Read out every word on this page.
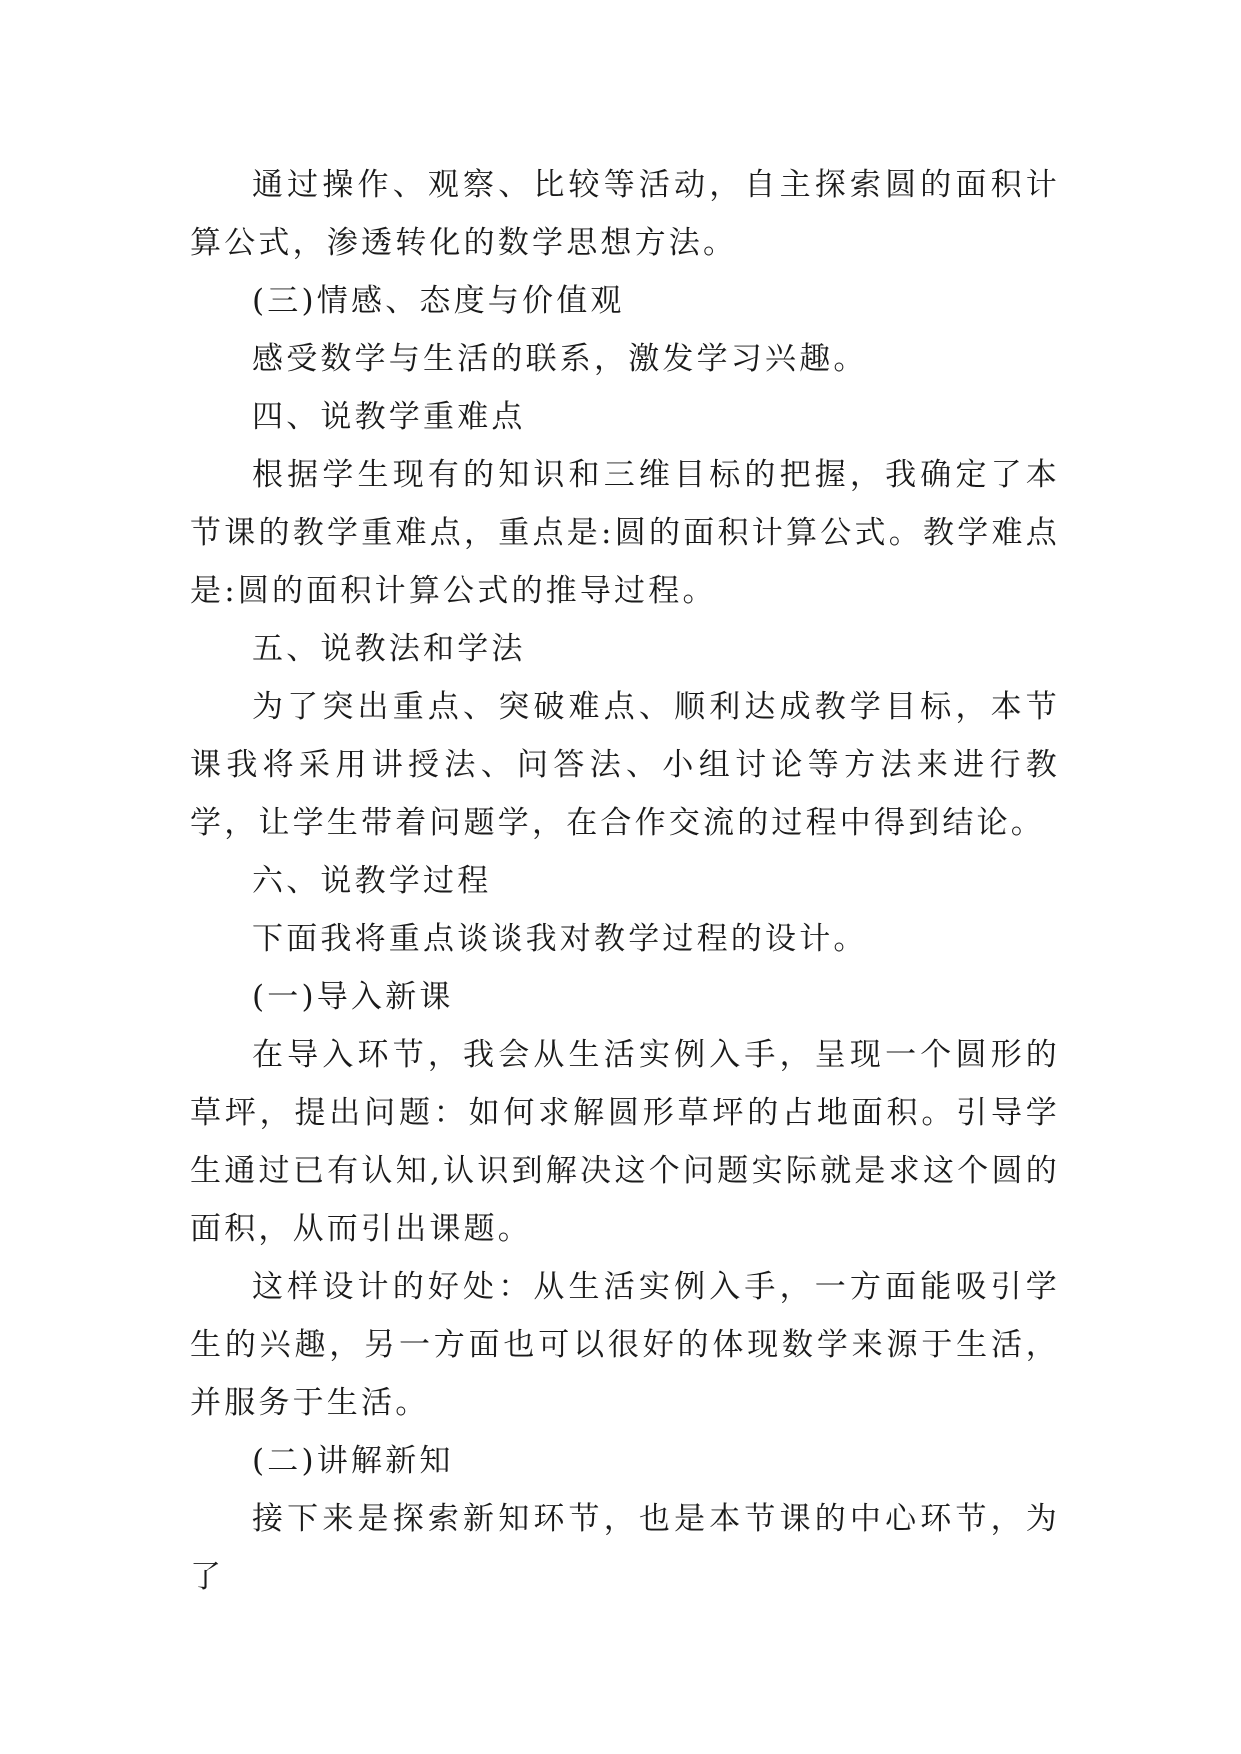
通过操作、观察、比较等活动，自主探索圆的面积计算公式，渗透转化的数学思想方法。

(三)情感、态度与价值观

感受数学与生活的联系，激发学习兴趣。

四、说教学重难点

根据学生现有的知识和三维目标的把握，我确定了本节课的教学重难点，重点是:圆的面积计算公式。教学难点是:圆的面积计算公式的推导过程。

五、说教法和学法

为了突出重点、突破难点、顺利达成教学目标，本节课我将采用讲授法、问答法、小组讨论等方法来进行教学，让学生带着问题学，在合作交流的过程中得到结论。

六、说教学过程

下面我将重点谈谈我对教学过程的设计。

(一)导入新课

在导入环节，我会从生活实例入手，呈现一个圆形的草坪，提出问题：如何求解圆形草坪的占地面积。引导学生通过已有认知,认识到解决这个问题实际就是求这个圆的面积，从而引出课题。

这样设计的好处：从生活实例入手，一方面能吸引学生的兴趣，另一方面也可以很好的体现数学来源于生活，并服务于生活。

(二)讲解新知

接下来是探索新知环节，也是本节课的中心环节，为了
